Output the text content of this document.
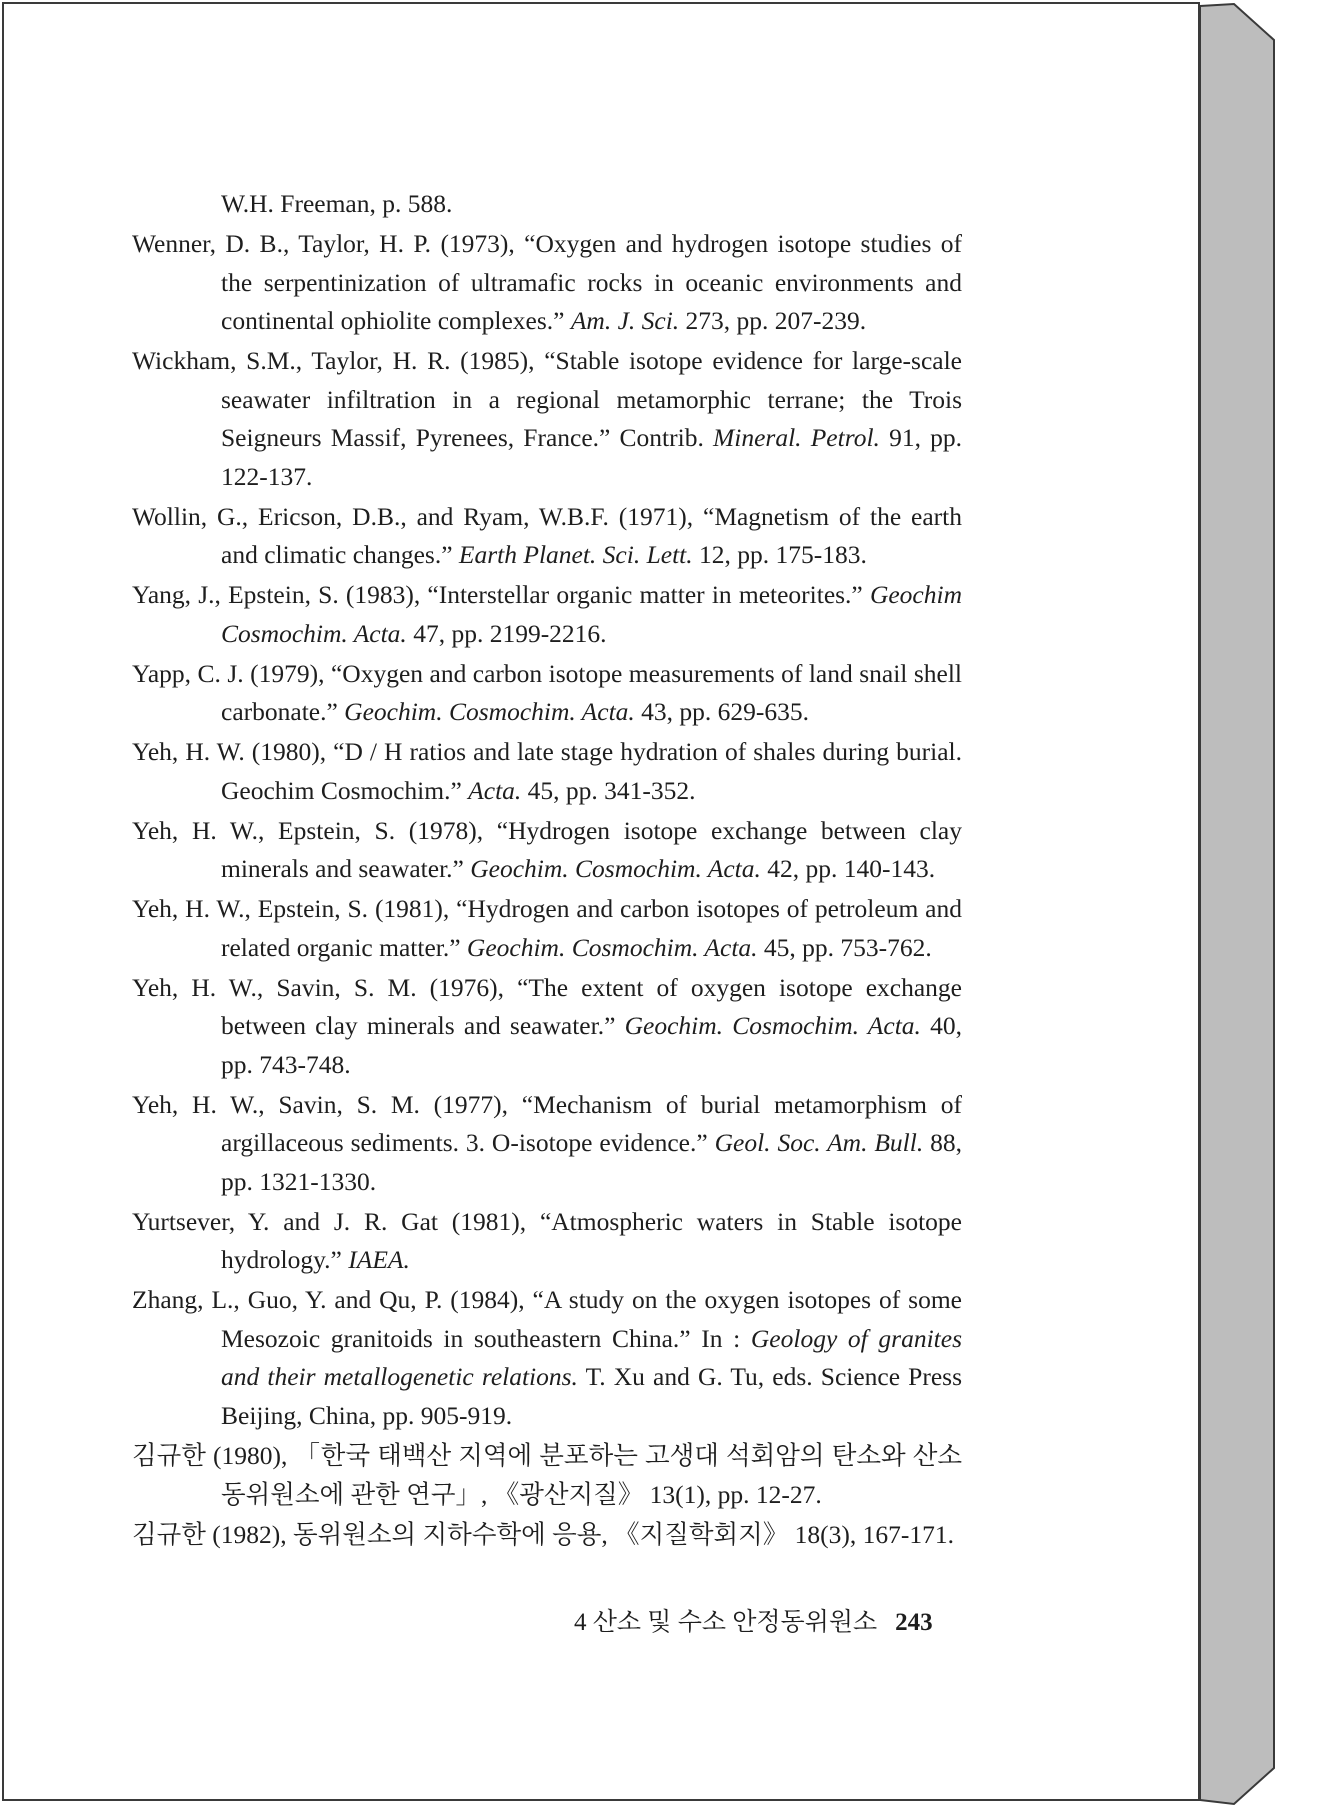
W.H. Freeman, p. 588.

Wenner, D. B., Taylor, H. P. (1973), “Oxygen and hydrogen isotope studies of the serpentinization of ultramafic rocks in oceanic environments and continental ophiolite complexes.” Am. J. Sci. 273, pp. 207-239.

Wickham, S.M., Taylor, H. R. (1985), “Stable isotope evidence for large-scale seawater infiltration in a regional metamorphic terrane; the Trois Seigneurs Massif, Pyrenees, France.” Contrib. Mineral. Petrol. 91, pp. 122-137.

Wollin, G., Ericson, D.B., and Ryam, W.B.F. (1971), “Magnetism of the earth and climatic changes.” Earth Planet. Sci. Lett. 12, pp. 175-183.

Yang, J., Epstein, S. (1983), “Interstellar organic matter in meteorites.” Geochim Cosmochim. Acta. 47, pp. 2199-2216.

Yapp, C. J. (1979), “Oxygen and carbon isotope measurements of land snail shell carbonate.” Geochim. Cosmochim. Acta. 43, pp. 629-635.

Yeh, H. W. (1980), “D / H ratios and late stage hydration of shales during burial. Geochim Cosmochim.” Acta. 45, pp. 341-352.

Yeh, H. W., Epstein, S. (1978), “Hydrogen isotope exchange between clay minerals and seawater.” Geochim. Cosmochim. Acta. 42, pp. 140-143.

Yeh, H. W., Epstein, S. (1981), “Hydrogen and carbon isotopes of petroleum and related organic matter.” Geochim. Cosmochim. Acta. 45, pp. 753-762.

Yeh, H. W., Savin, S. M. (1976), “The extent of oxygen isotope exchange between clay minerals and seawater.” Geochim. Cosmochim. Acta. 40, pp. 743-748.

Yeh, H. W., Savin, S. M. (1977), “Mechanism of burial metamorphism of argillaceous sediments. 3. O-isotope evidence.” Geol. Soc. Am. Bull. 88, pp. 1321-1330.

Yurtsever, Y. and J. R. Gat (1981), “Atmospheric waters in Stable isotope hydrology.” IAEA.

Zhang, L., Guo, Y. and Qu, P. (1984), “A study on the oxygen isotopes of some Mesozoic granitoids in southeastern China.” In : Geology of granites and their metallogenetic relations. T. Xu and G. Tu, eds. Science Press Beijing, China, pp. 905-919.

김규한 (1980), 「한국 태백산 지역에 분포하는 고생대 석회암의 탄소와 산소 동위원소에 관한 연구」, 《광산지질》 13(1), pp. 12-27.

김규한 (1982), 동위원소의 지하수학에 응용, 《지질학회지》 18(3), 167-171.

4 산소 및 수소 안정동위원소 243
